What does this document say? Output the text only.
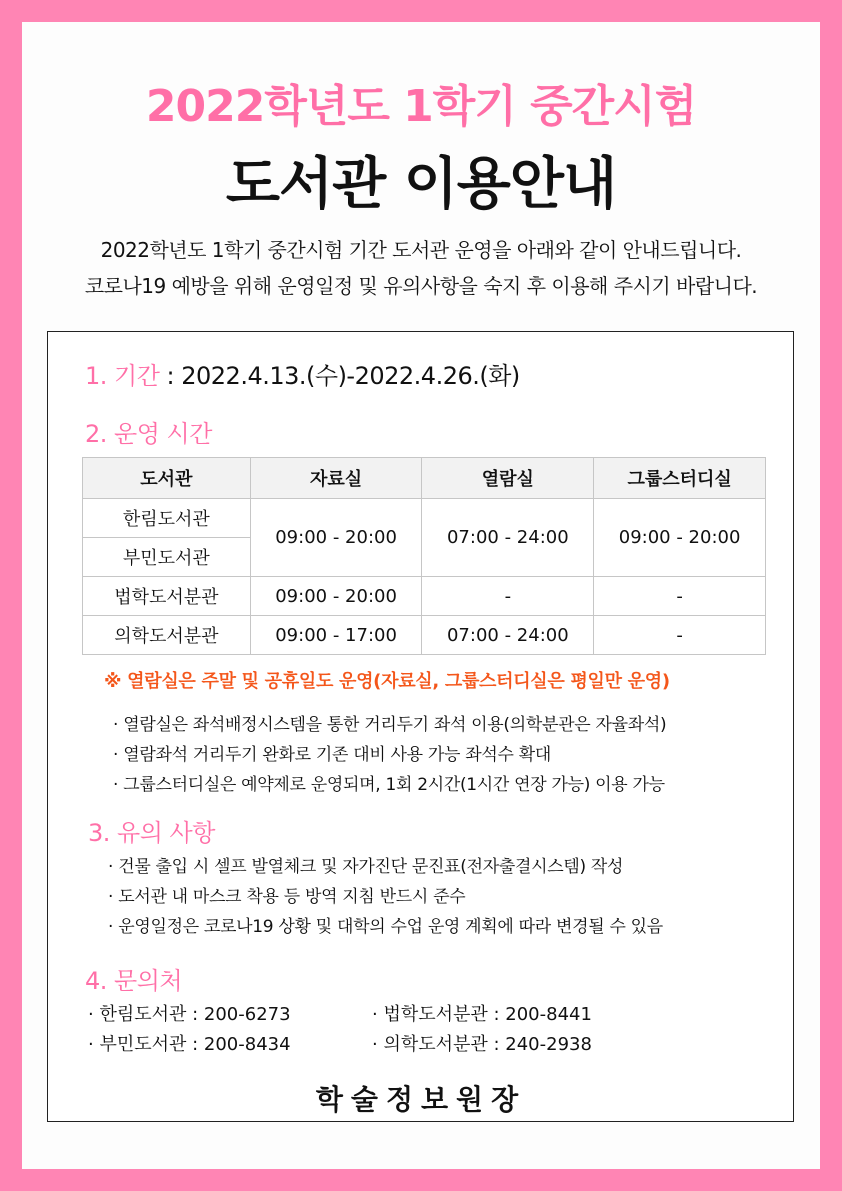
2022학년도 1학기 중간시험
도서관 이용안내
2022학년도 1학기 중간시험 기간 도서관 운영을 아래와 같이 안내드립니다.
코로나19 예방을 위해 운영일정 및 유의사항을 숙지 후 이용해 주시기 바랍니다.
1. 기간 : 2022.4.13.(수)-2022.4.26.(화)
2. 운영 시간
도서관	자료실	열람실	그룹스터디실
한림도서관	09:00 - 20:00	07:00 - 24:00	09:00 - 20:00
부민도서관			
법학도서분관	09:00 - 20:00	-	-
의학도서분관	09:00 - 17:00	07:00 - 24:00	-
※ 열람실은 주말 및 공휴일도 운영(자료실, 그룹스터디실은 평일만 운영)
· 열람실은 좌석배정시스템을 통한 거리두기 좌석 이용(의학분관은 자율좌석)
· 열람좌석 거리두기 완화로 기존 대비 사용 가능 좌석수 확대
· 그룹스터디실은 예약제로 운영되며, 1회 2시간(1시간 연장 가능) 이용 가능
3. 유의 사항
· 건물 출입 시 셀프 발열체크 및 자가진단 문진표(전자출결시스템) 작성
· 도서관 내 마스크 착용 등 방역 지침 반드시 준수
· 운영일정은 코로나19 상황 및 대학의 수업 운영 계획에 따라 변경될 수 있음
4. 문의처
· 한림도서관 : 200-6273	· 법학도서분관 : 200-8441
· 부민도서관 : 200-8434	· 의학도서분관 : 240-2938
학술정보원장
